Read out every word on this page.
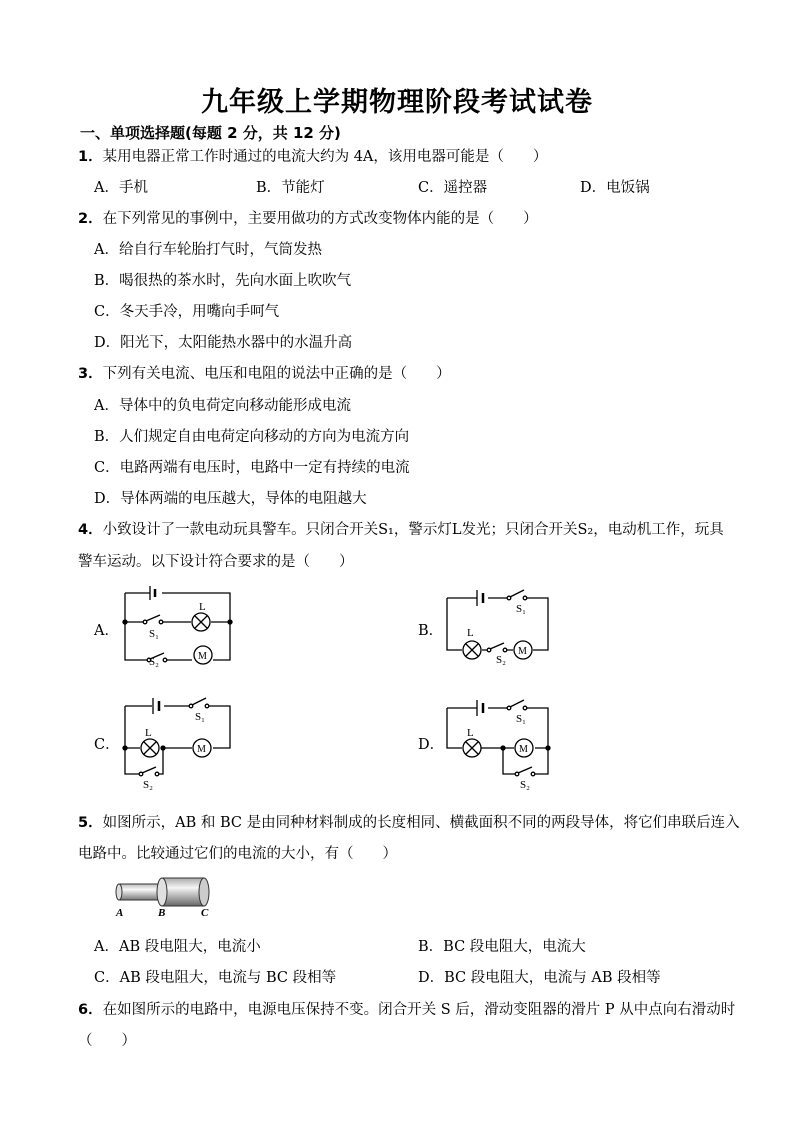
九年级上学期物理阶段考试试卷
一、单项选择题(每题 2 分，共 12 分)
1．某用电器正常工作时通过的电流大约为 4A，该用电器可能是（　　）
A．手机	B．节能灯	C．遥控器	D．电饭锅
2．在下列常见的事例中，主要用做功的方式改变物体内能的是（　　）
A．给自行车轮胎打气时，气筒发热
B．喝很热的茶水时，先向水面上吹吹气
C．冬天手冷，用嘴向手呵气
D．阳光下，太阳能热水器中的水温升高
3．下列有关电流、电压和电阻的说法中正确的是（　　）
A．导体中的负电荷定向移动能形成电流
B．人们规定自由电荷定向移动的方向为电流方向
C．电路两端有电压时，电路中一定有持续的电流
D．导体两端的电压越大，导体的电阻越大
4．小致设计了一款电动玩具警车。只闭合开关S₁，警示灯L发光；只闭合开关S₂，电动机工作，玩具
警车运动。以下设计符合要求的是（　　）
A．	B．
C．	D．
L
S₁
S₂	M
S₁
L
S₂
M
S₁
L
S₂
M
S₁
L
S₂
M
5．如图所示，AB 和 BC 是由同种材料制成的长度相同、横截面积不同的两段导体，将它们串联后连入
电路中。比较通过它们的电流的大小，有（　　）
A	B	C
A．AB 段电阻大，电流小	B．BC 段电阻大，电流大
C．AB 段电阻大，电流与 BC 段相等	D．BC 段电阻大，电流与 AB 段相等
6．在如图所示的电路中，电源电压保持不变。闭合开关 S 后，滑动变阻器的滑片 P 从中点向右滑动时
（　　）
